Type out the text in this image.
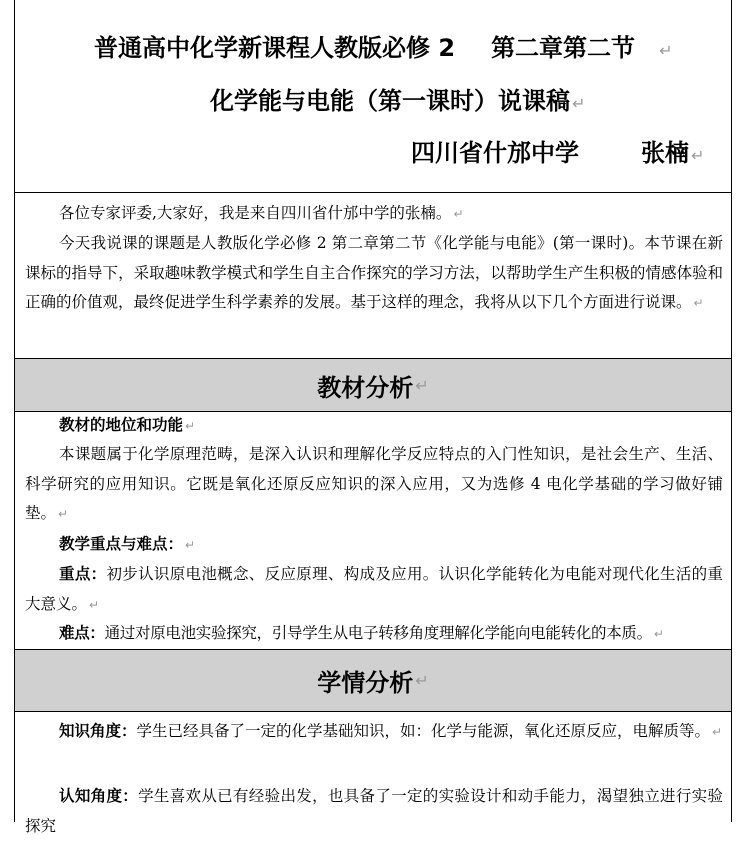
普通高中化学新课程人教版必修 2 第二章第二节 ↵
化学能与电能（第一课时）说课稿 ↵
四川省什邡中学	张楠 ↵

各位专家评委,大家好，我是来自四川省什邡中学的张楠。 ↵

今天我说课的课题是人教版化学必修 2 第二章第二节《化学能与电能》(第一课时)。本节课在新课标的指导下，采取趣味教学模式和学生自主合作探究的学习方法，以帮助学生产生积极的情感体验和正确的价值观，最终促进学生科学素养的发展。基于这样的理念，我将从以下几个方面进行说课。 ↵

教材分析 ↵

教材的地位和功能 ↵

本课题属于化学原理范畴，是深入认识和理解化学反应特点的入门性知识，是社会生产、生活、科学研究的应用知识。它既是氧化还原反应知识的深入应用，又为选修 4 电化学基础的学习做好铺垫。 ↵

教学重点与难点： ↵

重点：初步认识原电池概念、反应原理、构成及应用。认识化学能转化为电能对现代化生活的重大意义。 ↵

难点：通过对原电池实验探究，引导学生从电子转移角度理解化学能向电能转化的本质。 ↵

学情分析 ↵

知识角度：学生已经具备了一定的化学基础知识，如：化学与能源，氧化还原反应，电解质等。 ↵

认知角度：学生喜欢从已有经验出发，也具备了一定的实验设计和动手能力，渴望独立进行实验探究
